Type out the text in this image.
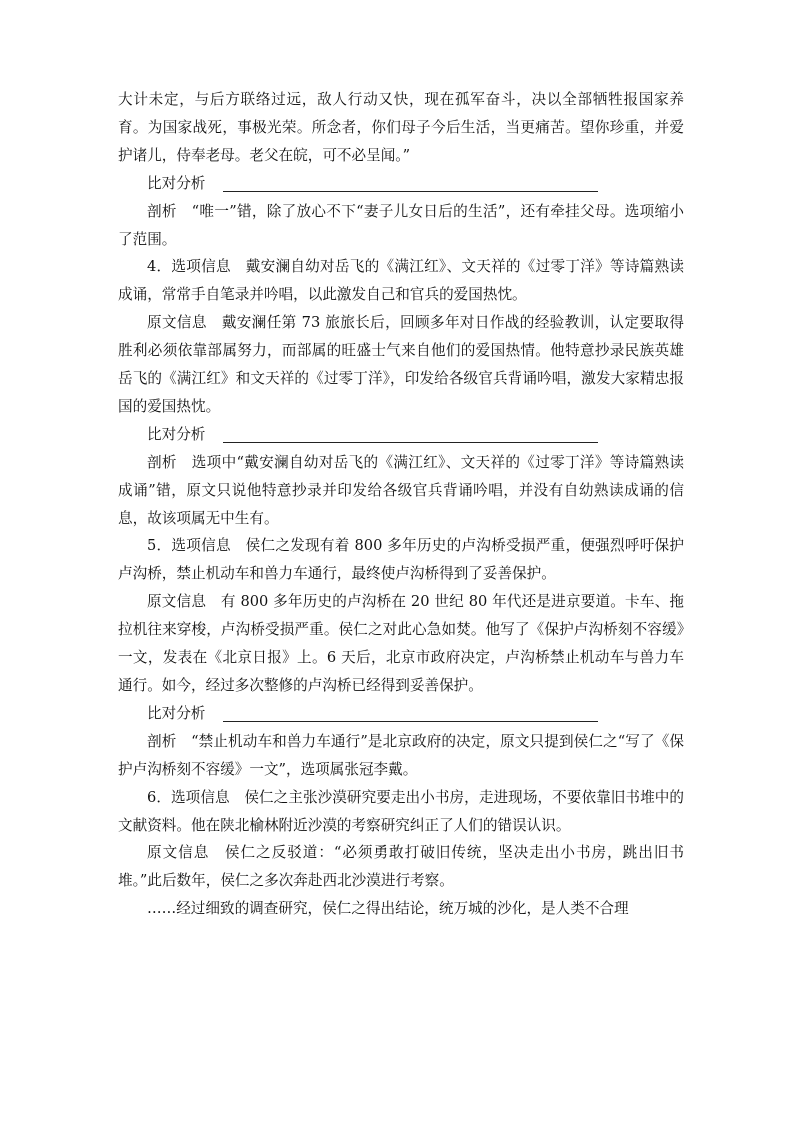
大计未定，与后方联络过远，敌人行动又快，现在孤军奋斗，决以全部牺牲报国家养育。为国家战死，事极光荣。所念者，你们母子今后生活，当更痛苦。望你珍重，并爱护诸儿，侍奉老母。老父在皖，可不必呈闻。”

比对分析

剖析　“唯一”错，除了放心不下“妻子儿女日后的生活”，还有牵挂父母。选项缩小了范围。

4．选项信息　戴安澜自幼对岳飞的《满江红》、文天祥的《过零丁洋》等诗篇熟读成诵，常常手自笔录并吟唱，以此激发自己和官兵的爱国热忱。

原文信息　戴安澜任第 73 旅旅长后，回顾多年对日作战的经验教训，认定要取得胜利必须依靠部属努力，而部属的旺盛士气来自他们的爱国热情。他特意抄录民族英雄岳飞的《满江红》和文天祥的《过零丁洋》，印发给各级官兵背诵吟唱，激发大家精忠报国的爱国热忱。

比对分析

剖析　选项中“戴安澜自幼对岳飞的《满江红》、文天祥的《过零丁洋》等诗篇熟读成诵”错，原文只说他特意抄录并印发给各级官兵背诵吟唱，并没有自幼熟读成诵的信息，故该项属无中生有。

5．选项信息　侯仁之发现有着 800 多年历史的卢沟桥受损严重，便强烈呼吁保护卢沟桥，禁止机动车和兽力车通行，最终使卢沟桥得到了妥善保护。

原文信息　有 800 多年历史的卢沟桥在 20 世纪 80 年代还是进京要道。卡车、拖拉机往来穿梭，卢沟桥受损严重。侯仁之对此心急如焚。他写了《保护卢沟桥刻不容缓》一文，发表在《北京日报》上。6 天后，北京市政府决定，卢沟桥禁止机动车与兽力车通行。如今，经过多次整修的卢沟桥已经得到妥善保护。

比对分析

剖析　“禁止机动车和兽力车通行”是北京政府的决定，原文只提到侯仁之“写了《保护卢沟桥刻不容缓》一文”，选项属张冠李戴。

6．选项信息　侯仁之主张沙漠研究要走出小书房，走进现场，不要依靠旧书堆中的文献资料。他在陕北榆林附近沙漠的考察研究纠正了人们的错误认识。

原文信息　侯仁之反驳道：“必须勇敢打破旧传统，坚决走出小书房，跳出旧书堆。”此后数年，侯仁之多次奔赴西北沙漠进行考察。

……经过细致的调查研究，侯仁之得出结论，统万城的沙化，是人类不合理
